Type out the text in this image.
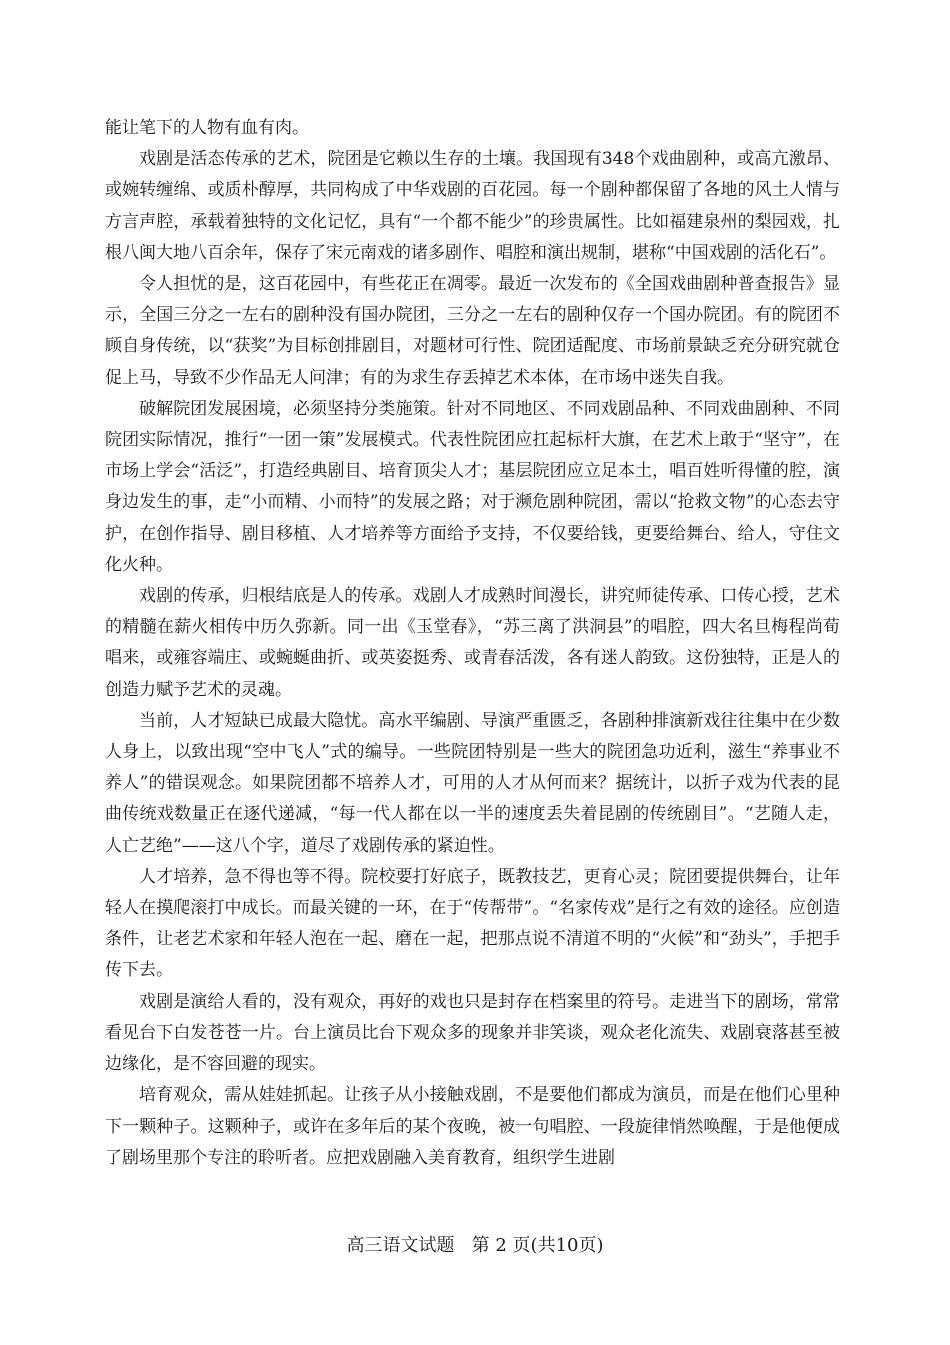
能让笔下的人物有血有肉。

戏剧是活态传承的艺术，院团是它赖以生存的土壤。我国现有348个戏曲剧种，或高亢激昂、或婉转缠绵、或质朴醇厚，共同构成了中华戏剧的百花园。每一个剧种都保留了各地的风土人情与方言声腔，承载着独特的文化记忆，具有“一个都不能少”的珍贵属性。比如福建泉州的梨园戏，扎根八闽大地八百余年，保存了宋元南戏的诸多剧作、唱腔和演出规制，堪称“中国戏剧的活化石”。

令人担忧的是，这百花园中，有些花正在凋零。最近一次发布的《全国戏曲剧种普查报告》显示，全国三分之一左右的剧种没有国办院团，三分之一左右的剧种仅存一个国办院团。有的院团不顾自身传统，以“获奖”为目标创排剧目，对题材可行性、院团适配度、市场前景缺乏充分研究就仓促上马，导致不少作品无人问津；有的为求生存丢掉艺术本体，在市场中迷失自我。

破解院团发展困境，必须坚持分类施策。针对不同地区、不同戏剧品种、不同戏曲剧种、不同院团实际情况，推行“一团一策”发展模式。代表性院团应扛起标杆大旗，在艺术上敢于“坚守”，在市场上学会“活泛”，打造经典剧目、培育顶尖人才；基层院团应立足本土，唱百姓听得懂的腔，演身边发生的事，走“小而精、小而特”的发展之路；对于濒危剧种院团，需以“抢救文物”的心态去守护，在创作指导、剧目移植、人才培养等方面给予支持，不仅要给钱，更要给舞台、给人，守住文化火种。

戏剧的传承，归根结底是人的传承。戏剧人才成熟时间漫长，讲究师徒传承、口传心授，艺术的精髓在薪火相传中历久弥新。同一出《玉堂春》，“苏三离了洪洞县”的唱腔，四大名旦梅程尚荀唱来，或雍容端庄、或蜿蜒曲折、或英姿挺秀、或青春活泼，各有迷人韵致。这份独特，正是人的创造力赋予艺术的灵魂。

当前，人才短缺已成最大隐忧。高水平编剧、导演严重匮乏，各剧种排演新戏往往集中在少数人身上，以致出现“空中飞人”式的编导。一些院团特别是一些大的院团急功近利，滋生“养事业不养人”的错误观念。如果院团都不培养人才，可用的人才从何而来？据统计，以折子戏为代表的昆曲传统戏数量正在逐代递减，“每一代人都在以一半的速度丢失着昆剧的传统剧目”。“艺随人走，人亡艺绝”——这八个字，道尽了戏剧传承的紧迫性。

人才培养，急不得也等不得。院校要打好底子，既教技艺，更育心灵；院团要提供舞台，让年轻人在摸爬滚打中成长。而最关键的一环，在于“传帮带”。“名家传戏”是行之有效的途径。应创造条件，让老艺术家和年轻人泡在一起、磨在一起，把那点说不清道不明的“火候”和“劲头”，手把手传下去。

戏剧是演给人看的，没有观众，再好的戏也只是封存在档案里的符号。走进当下的剧场，常常看见台下白发苍苍一片。台上演员比台下观众多的现象并非笑谈，观众老化流失、戏剧衰落甚至被边缘化，是不容回避的现实。

培育观众，需从娃娃抓起。让孩子从小接触戏剧，不是要他们都成为演员，而是在他们心里种下一颗种子。这颗种子，或许在多年后的某个夜晚，被一句唱腔、一段旋律悄然唤醒，于是他便成了剧场里那个专注的聆听者。应把戏剧融入美育教育，组织学生进剧

高三语文试题 第 2 页(共10页)
